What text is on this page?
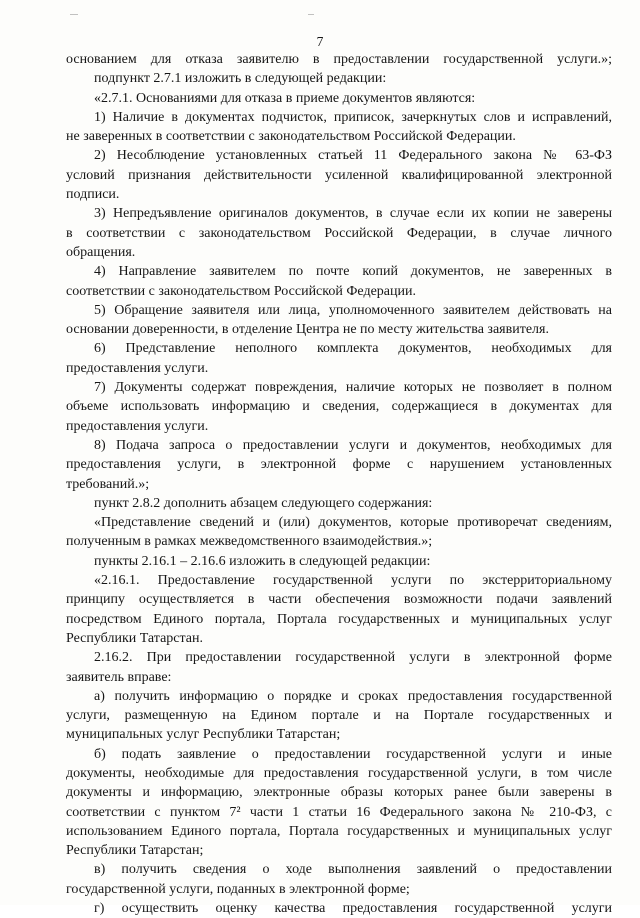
7
основанием для отказа заявителю в предоставлении государственной услуги.»;
подпункт 2.7.1 изложить в следующей редакции:
«2.7.1. Основаниями для отказа в приеме документов являются:
1) Наличие в документах подчисток, приписок, зачеркнутых слов и исправлений,
не заверенных в соответствии с законодательством Российской Федерации.
2) Несоблюдение установленных статьей 11 Федерального закона № 63-ФЗ
условий признания действительности усиленной квалифицированной электронной
подписи.
3) Непредъявление оригиналов документов, в случае если их копии не заверены
в соответствии с законодательством Российской Федерации, в случае личного
обращения.
4) Направление заявителем по почте копий документов, не заверенных в
соответствии с законодательством Российской Федерации.
5) Обращение заявителя или лица, уполномоченного заявителем действовать на
основании доверенности, в отделение Центра не по месту жительства заявителя.
6) Представление неполного комплекта документов, необходимых для
предоставления услуги.
7) Документы содержат повреждения, наличие которых не позволяет в полном
объеме использовать информацию и сведения, содержащиеся в документах для
предоставления услуги.
8) Подача запроса о предоставлении услуги и документов, необходимых для
предоставления услуги, в электронной форме с нарушением установленных
требований.»;
пункт 2.8.2 дополнить абзацем следующего содержания:
«Представление сведений и (или) документов, которые противоречат сведениям,
полученным в рамках межведомственного взаимодействия.»;
пункты 2.16.1 – 2.16.6 изложить в следующей редакции:
«2.16.1. Предоставление государственной услуги по экстерриториальному
принципу осуществляется в части обеспечения возможности подачи заявлений
посредством Единого портала, Портала государственных и муниципальных услуг
Республики Татарстан.
2.16.2. При предоставлении государственной услуги в электронной форме
заявитель вправе:
а) получить информацию о порядке и сроках предоставления государственной
услуги, размещенную на Едином портале и на Портале государственных и
муниципальных услуг Республики Татарстан;
б) подать заявление о предоставлении государственной услуги и иные
документы, необходимые для предоставления государственной услуги, в том числе
документы и информацию, электронные образы которых ранее были заверены в
соответствии с пунктом 7² части 1 статьи 16 Федерального закона № 210-ФЗ, с
использованием Единого портала, Портала государственных и муниципальных услуг
Республики Татарстан;
в) получить сведения о ходе выполнения заявлений о предоставлении
государственной услуги, поданных в электронной форме;
г) осуществить оценку качества предоставления государственной услуги
